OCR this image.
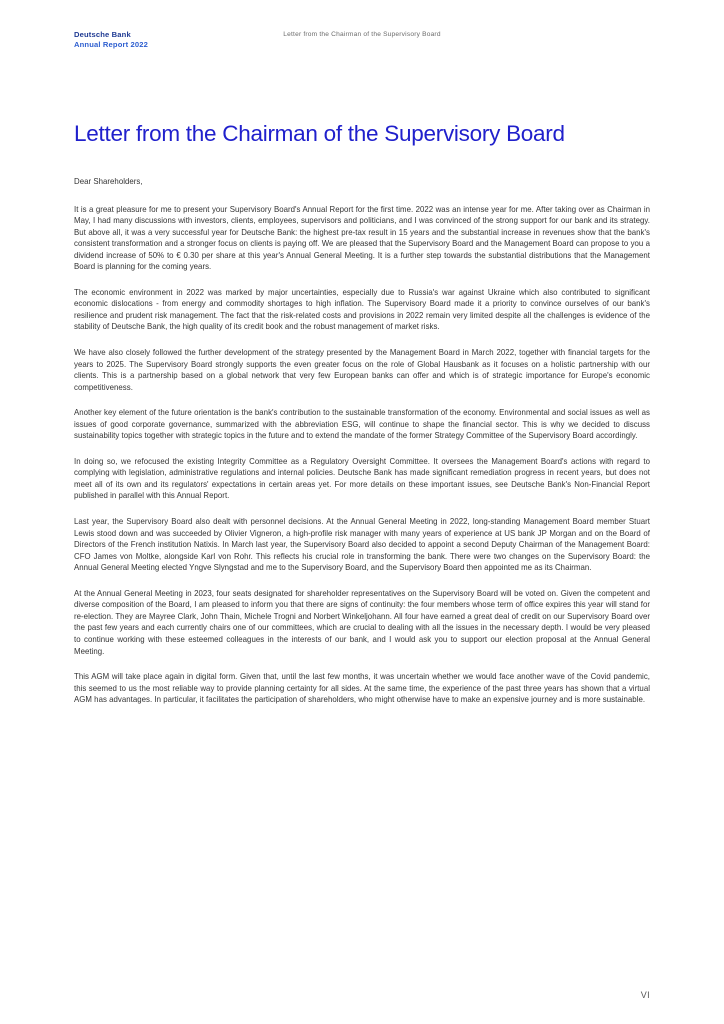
Deutsche Bank
Annual Report 2022
Letter from the Chairman of the Supervisory Board
Letter from the Chairman of the Supervisory Board

Dear Shareholders,

It is a great pleasure for me to present your Supervisory Board's Annual Report for the first time. 2022 was an intense year for me. After taking over as Chairman in May, I had many discussions with investors, clients, employees, supervisors and politicians, and I was convinced of the strong support for our bank and its strategy. But above all, it was a very successful year for Deutsche Bank: the highest pre-tax result in 15 years and the substantial increase in revenues show that the bank's consistent transformation and a stronger focus on clients is paying off. We are pleased that the Supervisory Board and the Management Board can propose to you a dividend increase of 50% to € 0.30 per share at this year's Annual General Meeting. It is a further step towards the substantial distributions that the Management Board is planning for the coming years.

The economic environment in 2022 was marked by major uncertainties, especially due to Russia's war against Ukraine which also contributed to significant economic dislocations - from energy and commodity shortages to high inflation. The Supervisory Board made it a priority to convince ourselves of our bank's resilience and prudent risk management. The fact that the risk-related costs and provisions in 2022 remain very limited despite all the challenges is evidence of the stability of Deutsche Bank, the high quality of its credit book and the robust management of market risks.

We have also closely followed the further development of the strategy presented by the Management Board in March 2022, together with financial targets for the years to 2025. The Supervisory Board strongly supports the even greater focus on the role of Global Hausbank as it focuses on a holistic partnership with our clients. This is a partnership based on a global network that very few European banks can offer and which is of strategic importance for Europe's economic competitiveness.

Another key element of the future orientation is the bank's contribution to the sustainable transformation of the economy. Environmental and social issues as well as issues of good corporate governance, summarized with the abbreviation ESG, will continue to shape the financial sector. This is why we decided to discuss sustainability topics together with strategic topics in the future and to extend the mandate of the former Strategy Committee of the Supervisory Board accordingly.

In doing so, we refocused the existing Integrity Committee as a Regulatory Oversight Committee. It oversees the Management Board's actions with regard to complying with legislation, administrative regulations and internal policies. Deutsche Bank has made significant remediation progress in recent years, but does not meet all of its own and its regulators' expectations in certain areas yet. For more details on these important issues, see Deutsche Bank's Non-Financial Report published in parallel with this Annual Report.

Last year, the Supervisory Board also dealt with personnel decisions. At the Annual General Meeting in 2022, long-standing Management Board member Stuart Lewis stood down and was succeeded by Olivier Vigneron, a high-profile risk manager with many years of experience at US bank JP Morgan and on the Board of Directors of the French institution Natixis. In March last year, the Supervisory Board also decided to appoint a second Deputy Chairman of the Management Board: CFO James von Moltke, alongside Karl von Rohr. This reflects his crucial role in transforming the bank. There were two changes on the Supervisory Board: the Annual General Meeting elected Yngve Slyngstad and me to the Supervisory Board, and the Supervisory Board then appointed me as its Chairman.

At the Annual General Meeting in 2023, four seats designated for shareholder representatives on the Supervisory Board will be voted on. Given the competent and diverse composition of the Board, I am pleased to inform you that there are signs of continuity: the four members whose term of office expires this year will stand for re-election. They are Mayree Clark, John Thain, Michele Trogni and Norbert Winkeljohann. All four have earned a great deal of credit on our Supervisory Board over the past few years and each currently chairs one of our committees, which are crucial to dealing with all the issues in the necessary depth. I would be very pleased to continue working with these esteemed colleagues in the interests of our bank, and I would ask you to support our election proposal at the Annual General Meeting.

This AGM will take place again in digital form. Given that, until the last few months, it was uncertain whether we would face another wave of the Covid pandemic, this seemed to us the most reliable way to provide planning certainty for all sides. At the same time, the experience of the past three years has shown that a virtual AGM has advantages. In particular, it facilitates the participation of shareholders, who might otherwise have to make an expensive journey and is more sustainable.

VI
